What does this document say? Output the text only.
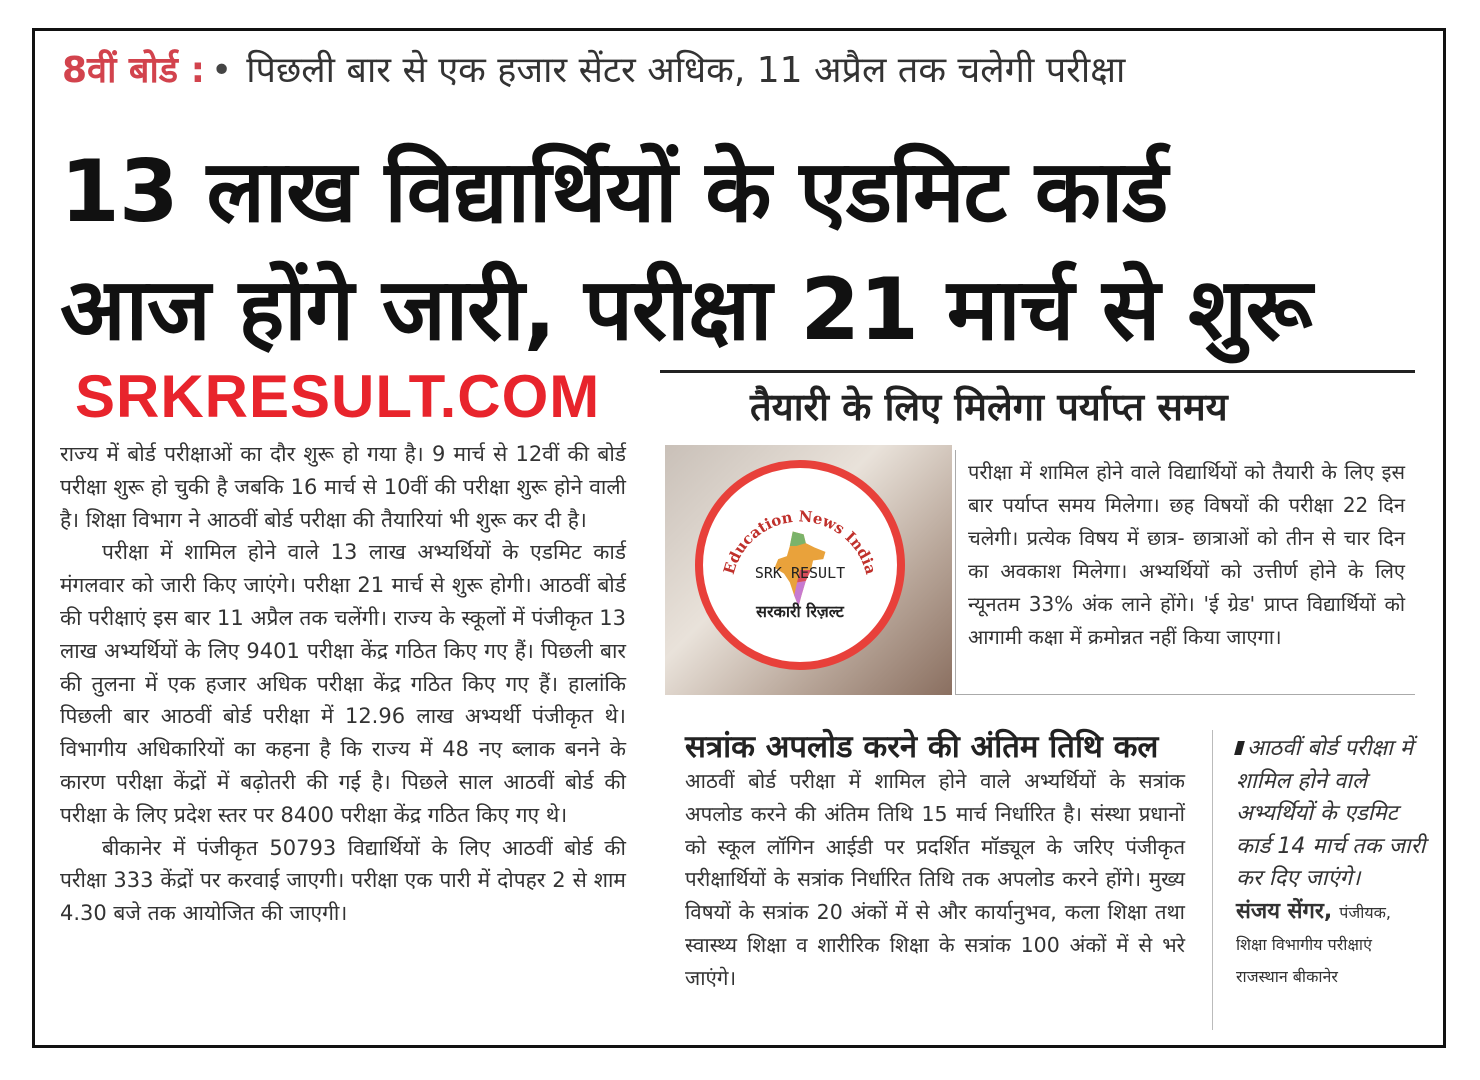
8वीं बोर्ड : • पिछली बार से एक हजार सेंटर अधिक, 11 अप्रैल तक चलेगी परीक्षा
13 लाख विद्यार्थियों के एडमिट कार्ड
आज होंगे जारी, परीक्षा 21 मार्च से शुरू
SRKRESULT.COM

राज्य में बोर्ड परीक्षाओं का दौर शुरू हो गया है। 9 मार्च से 12वीं की बोर्ड परीक्षा शुरू हो चुकी है जबकि 16 मार्च से 10वीं की परीक्षा शुरू होने वाली है। शिक्षा विभाग ने आठवीं बोर्ड परीक्षा की तैयारियां भी शुरू कर दी है।

परीक्षा में शामिल होने वाले 13 लाख अभ्यर्थियों के एडमिट कार्ड मंगलवार को जारी किए जाएंगे। परीक्षा 21 मार्च से शुरू होगी। आठवीं बोर्ड की परीक्षाएं इस बार 11 अप्रैल तक चलेंगी। राज्य के स्कूलों में पंजीकृत 13 लाख अभ्यर्थियों के लिए 9401 परीक्षा केंद्र गठित किए गए हैं। पिछली बार की तुलना में एक हजार अधिक परीक्षा केंद्र गठित किए गए हैं। हालांकि पिछली बार आठवीं बोर्ड परीक्षा में 12.96 लाख अभ्यर्थी पंजीकृत थे। विभागीय अधिकारियों का कहना है कि राज्य में 48 नए ब्लाक बनने के कारण परीक्षा केंद्रों में बढ़ोतरी की गई है। पिछले साल आठवीं बोर्ड की परीक्षा के लिए प्रदेश स्तर पर 8400 परीक्षा केंद्र गठित किए गए थे।

बीकानेर में पंजीकृत 50793 विद्यार्थियों के लिए आठवीं बोर्ड की परीक्षा 333 केंद्रों पर करवाई जाएगी। परीक्षा एक पारी में दोपहर 2 से शाम 4.30 बजे तक आयोजित की जाएगी।

तैयारी के लिए मिलेगा पर्याप्त समय
SRK RESULT
सरकारी रिज़ल्ट
Education News India
परीक्षा में शामिल होने वाले विद्यार्थियों को तैयारी के लिए इस बार पर्याप्त समय मिलेगा। छह विषयों की परीक्षा 22 दिन चलेगी। प्रत्येक विषय में छात्र- छात्राओं को तीन से चार दिन का अवकाश मिलेगा। अभ्यर्थियों को उत्तीर्ण होने के लिए न्यूनतम 33% अंक लाने होंगे। 'ई ग्रेड' प्राप्त विद्यार्थियों को आगामी कक्षा में क्रमोन्नत नहीं किया जाएगा।
सत्रांक अपलोड करने की अंतिम तिथि कल
आठवीं बोर्ड परीक्षा में शामिल होने वाले अभ्यर्थियों के सत्रांक अपलोड करने की अंतिम तिथि 15 मार्च निर्धारित है। संस्था प्रधानों को स्कूल लॉगिन आईडी पर प्रदर्शित मॉड्यूल के जरिए पंजीकृत परीक्षार्थियों के सत्रांक निर्धारित तिथि तक अपलोड करने होंगे। मुख्य विषयों के सत्रांक 20 अंकों में से और कार्यानुभव, कला शिक्षा तथा स्वास्थ्य शिक्षा व शारीरिक शिक्षा के सत्रांक 100 अंकों में से भरे जाएंगे।
आठवीं बोर्ड परीक्षा में शामिल होने वाले अभ्यर्थियों के एडमिट कार्ड 14 मार्च तक जारी कर दिए जाएंगे।
संजय सेंगर, पंजीयक,
शिक्षा विभागीय परीक्षाएं
राजस्थान बीकानेर
